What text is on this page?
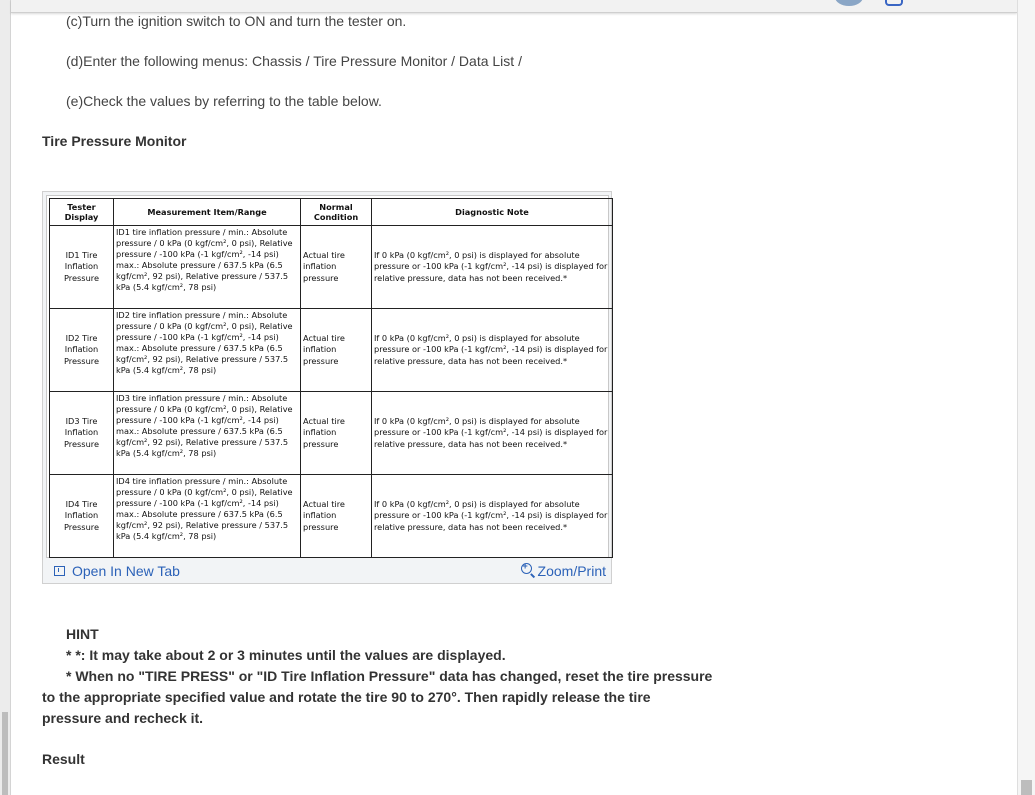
(c)Turn the ignition switch to ON and turn the tester on.
(d)Enter the following menus: Chassis / Tire Pressure Monitor / Data List /
(e)Check the values by referring to the table below.
Tire Pressure Monitor
Tester Display	Measurement Item/Range	Normal Condition	Diagnostic Note
ID1 Tire Inflation Pressure	ID1 tire inflation pressure / min.: Absolute pressure / 0 kPa (0 kgf/cm², 0 psi), Relative pressure / -100 kPa (-1 kgf/cm², -14 psi) max.: Absolute pressure / 637.5 kPa (6.5 kgf/cm², 92 psi), Relative pressure / 537.5 kPa (5.4 kgf/cm², 78 psi)	Actual tire inflation pressure	If 0 kPa (0 kgf/cm², 0 psi) is displayed for absolute pressure or -100 kPa (-1 kgf/cm², -14 psi) is displayed for relative pressure, data has not been received.*
ID2 Tire Inflation Pressure	ID2 tire inflation pressure / min.: Absolute pressure / 0 kPa (0 kgf/cm², 0 psi), Relative pressure / -100 kPa (-1 kgf/cm², -14 psi) max.: Absolute pressure / 637.5 kPa (6.5 kgf/cm², 92 psi), Relative pressure / 537.5 kPa (5.4 kgf/cm², 78 psi)	Actual tire inflation pressure	If 0 kPa (0 kgf/cm², 0 psi) is displayed for absolute pressure or -100 kPa (-1 kgf/cm², -14 psi) is displayed for relative pressure, data has not been received.*
ID3 Tire Inflation Pressure	ID3 tire inflation pressure / min.: Absolute pressure / 0 kPa (0 kgf/cm², 0 psi), Relative pressure / -100 kPa (-1 kgf/cm², -14 psi) max.: Absolute pressure / 637.5 kPa (6.5 kgf/cm², 92 psi), Relative pressure / 537.5 kPa (5.4 kgf/cm², 78 psi)	Actual tire inflation pressure	If 0 kPa (0 kgf/cm², 0 psi) is displayed for absolute pressure or -100 kPa (-1 kgf/cm², -14 psi) is displayed for relative pressure, data has not been received.*
ID4 Tire Inflation Pressure	ID4 tire inflation pressure / min.: Absolute pressure / 0 kPa (0 kgf/cm², 0 psi), Relative pressure / -100 kPa (-1 kgf/cm², -14 psi) max.: Absolute pressure / 637.5 kPa (6.5 kgf/cm², 92 psi), Relative pressure / 537.5 kPa (5.4 kgf/cm², 78 psi)	Actual tire inflation pressure	If 0 kPa (0 kgf/cm², 0 psi) is displayed for absolute pressure or -100 kPa (-1 kgf/cm², -14 psi) is displayed for relative pressure, data has not been received.*
Open In New Tab +	Zoom/Print
HINT
* *: It may take about 2 or 3 minutes until the values are displayed.
* When no "TIRE PRESS" or "ID Tire Inflation Pressure" data has changed, reset the tire pressure
to the appropriate specified value and rotate the tire 90 to 270°. Then rapidly release the tire
pressure and recheck it.
Result
